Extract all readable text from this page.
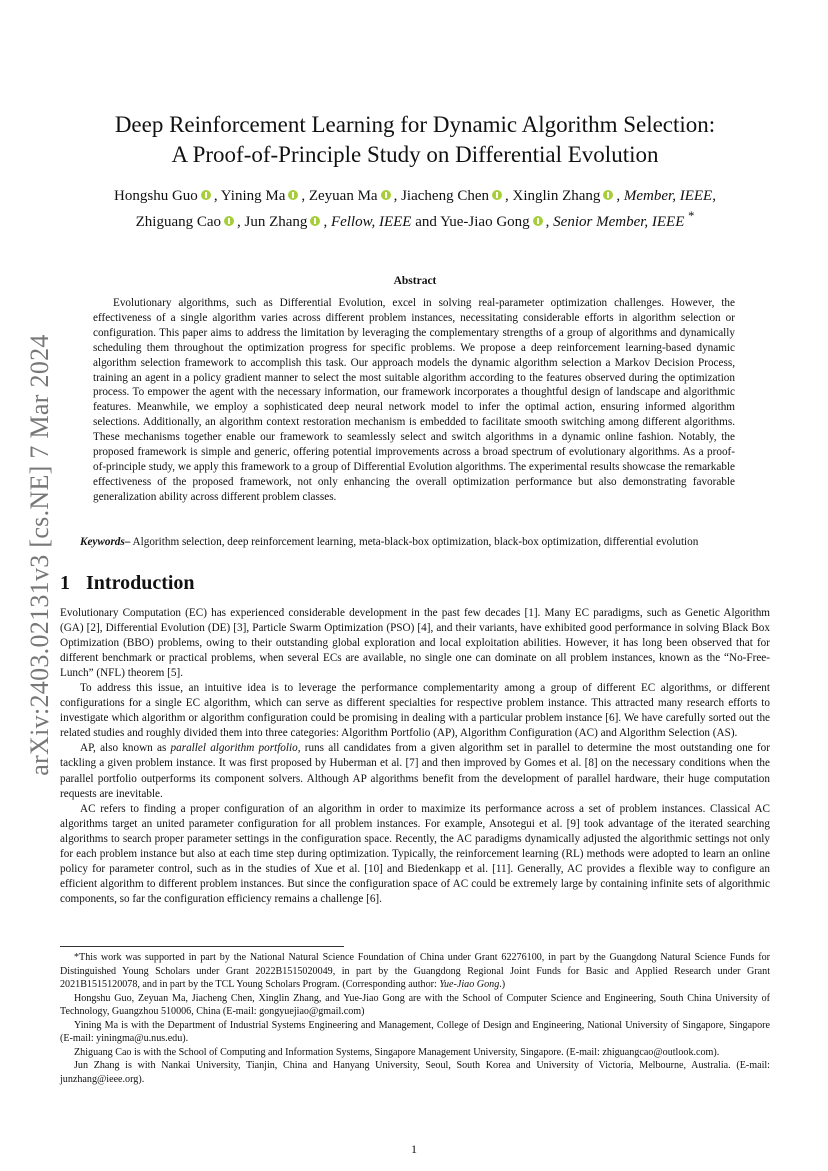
arXiv:2403.02131v3 [cs.NE] 7 Mar 2024
Deep Reinforcement Learning for Dynamic Algorithm Selection:
A Proof-of-Principle Study on Differential Evolution
Hongshu Guo , Yining Ma , Zeyuan Ma , Jiacheng Chen , Xinglin Zhang , Member, IEEE,
Zhiguang Cao , Jun Zhang , Fellow, IEEE and Yue-Jiao Gong , Senior Member, IEEE *
Abstract

Evolutionary algorithms, such as Differential Evolution, excel in solving real-parameter optimization challenges. However, the effectiveness of a single algorithm varies across different problem instances, necessitating considerable efforts in algorithm selection or configuration. This paper aims to address the limitation by leveraging the complementary strengths of a group of algorithms and dynamically scheduling them throughout the optimization progress for specific problems. We propose a deep reinforcement learning-based dynamic algorithm selection framework to accomplish this task. Our approach models the dynamic algorithm selection a Markov Decision Process, training an agent in a policy gradient manner to select the most suitable algorithm according to the features observed during the optimization process. To empower the agent with the necessary information, our framework incorporates a thoughtful design of landscape and algorithmic features. Meanwhile, we employ a sophisticated deep neural network model to infer the optimal action, ensuring informed algorithm selections. Additionally, an algorithm context restoration mechanism is embedded to facilitate smooth switching among different algorithms. These mechanisms together enable our framework to seamlessly select and switch algorithms in a dynamic online fashion. Notably, the proposed framework is simple and generic, offering potential improvements across a broad spectrum of evolutionary algorithms. As a proof-of-principle study, we apply this framework to a group of Differential Evolution algorithms. The experimental results showcase the remarkable effectiveness of the proposed framework, not only enhancing the overall optimization performance but also demonstrating favorable generalization ability across different problem classes.

Keywords– Algorithm selection, deep reinforcement learning, meta-black-box optimization, black-box optimization, differential evolution
1 Introduction

Evolutionary Computation (EC) has experienced considerable development in the past few decades [1]. Many EC paradigms, such as Genetic Algorithm (GA) [2], Differential Evolution (DE) [3], Particle Swarm Optimization (PSO) [4], and their variants, have exhibited good performance in solving Black Box Optimization (BBO) problems, owing to their outstanding global exploration and local exploitation abilities. However, it has long been observed that for different benchmark or practical problems, when several ECs are available, no single one can dominate on all problem instances, known as the “No-Free-Lunch” (NFL) theorem [5].

To address this issue, an intuitive idea is to leverage the performance complementarity among a group of different EC algorithms, or different configurations for a single EC algorithm, which can serve as different specialties for respective problem instance. This attracted many research efforts to investigate which algorithm or algorithm configuration could be promising in dealing with a particular problem instance [6]. We have carefully sorted out the related studies and roughly divided them into three categories: Algorithm Portfolio (AP), Algorithm Configuration (AC) and Algorithm Selection (AS).

AP, also known as parallel algorithm portfolio, runs all candidates from a given algorithm set in parallel to determine the most outstanding one for tackling a given problem instance. It was first proposed by Huberman et al. [7] and then improved by Gomes et al. [8] on the necessary conditions when the parallel portfolio outperforms its component solvers. Although AP algorithms benefit from the development of parallel hardware, their huge computation requests are inevitable.

AC refers to finding a proper configuration of an algorithm in order to maximize its performance across a set of problem instances. Classical AC algorithms target an united parameter configuration for all problem instances. For example, Ansotegui et al. [9] took advantage of the iterated searching algorithms to search proper parameter settings in the configuration space. Recently, the AC paradigms dynamically adjusted the algorithmic settings not only for each problem instance but also at each time step during optimization. Typically, the reinforcement learning (RL) methods were adopted to learn an online policy for parameter control, such as in the studies of Xue et al. [10] and Biedenkapp et al. [11]. Generally, AC provides a flexible way to configure an efficient algorithm to different problem instances. But since the configuration space of AC could be extremely large by containing infinite sets of algorithmic components, so far the configuration efficiency remains a challenge [6].

*This work was supported in part by the National Natural Science Foundation of China under Grant 62276100, in part by the Guangdong Natural Science Funds for Distinguished Young Scholars under Grant 2022B1515020049, in part by the Guangdong Regional Joint Funds for Basic and Applied Research under Grant 2021B1515120078, and in part by the TCL Young Scholars Program. (Corresponding author: Yue-Jiao Gong.)

Hongshu Guo, Zeyuan Ma, Jiacheng Chen, Xinglin Zhang, and Yue-Jiao Gong are with the School of Computer Science and Engineering, South China University of Technology, Guangzhou 510006, China (E-mail: gongyuejiao@gmail.com)

Yining Ma is with the Department of Industrial Systems Engineering and Management, College of Design and Engineering, National University of Singapore, Singapore (E-mail: yiningma@u.nus.edu).

Zhiguang Cao is with the School of Computing and Information Systems, Singapore Management University, Singapore. (E-mail: zhiguangcao@outlook.com).

Jun Zhang is with Nankai University, Tianjin, China and Hanyang University, Seoul, South Korea and University of Victoria, Melbourne, Australia. (E-mail: junzhang@ieee.org).

1
